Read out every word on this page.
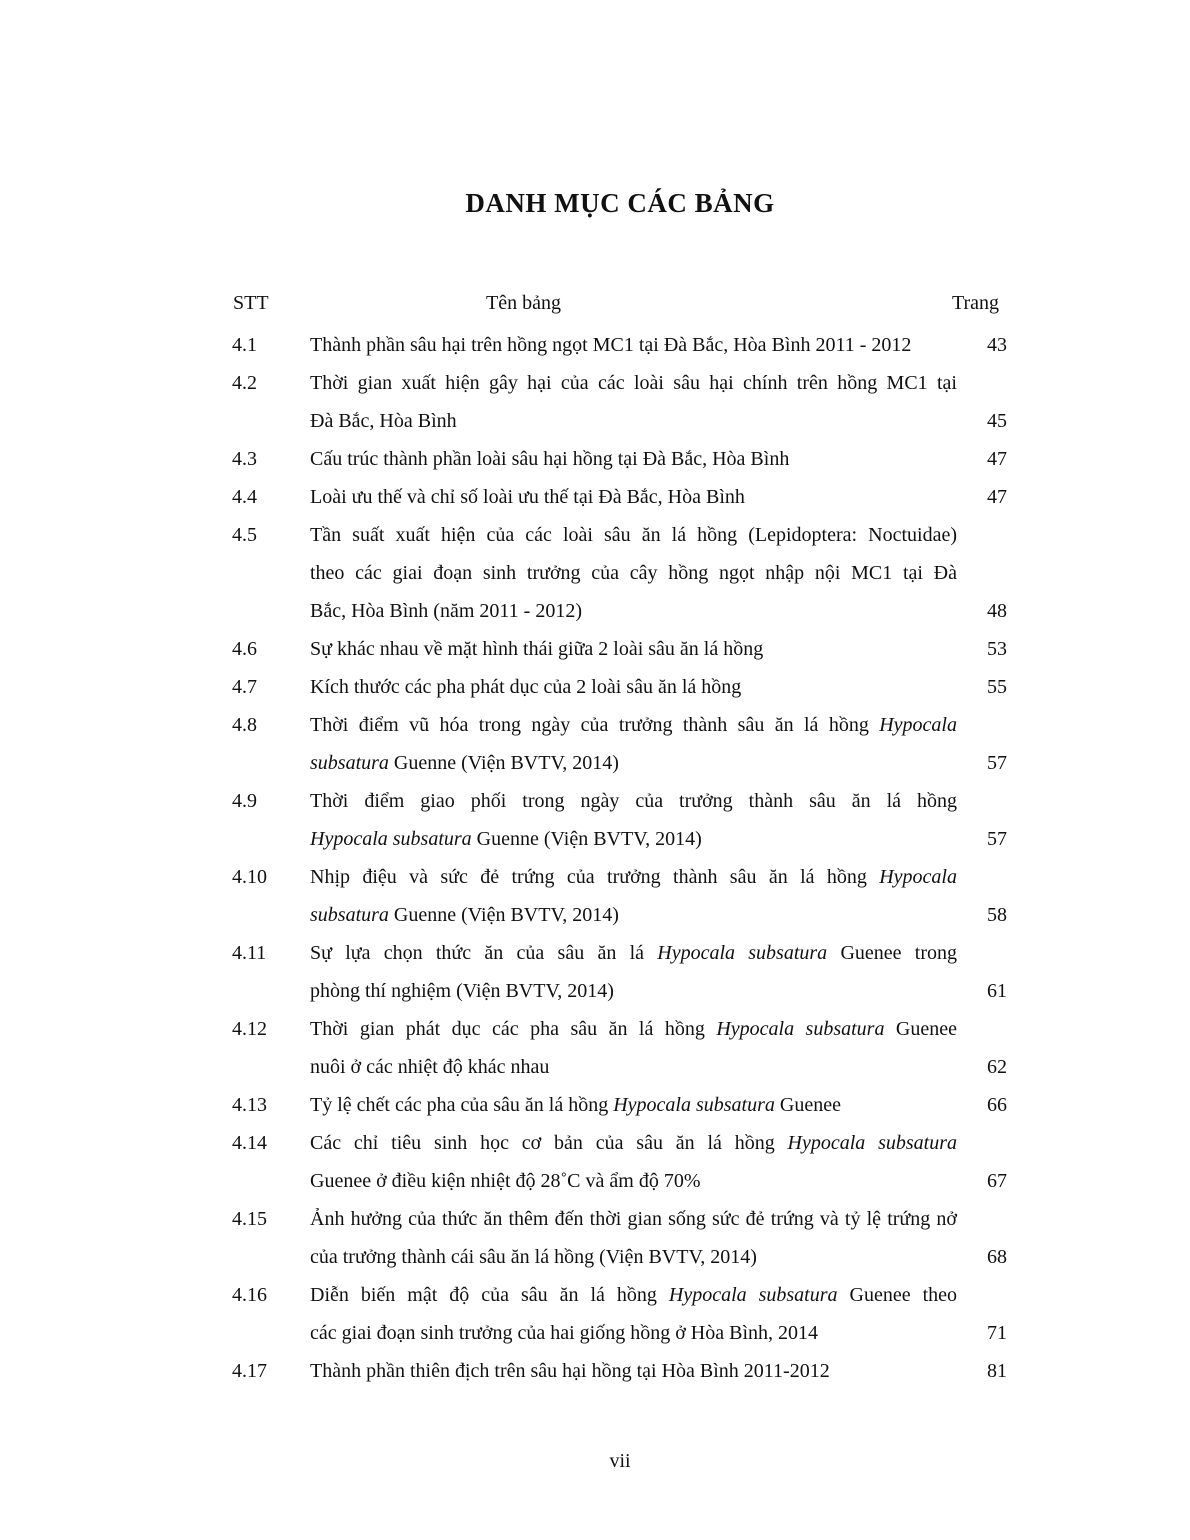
DANH MỤC CÁC BẢNG
STT	Tên bảng	Trang
4.1	Thành phần sâu hại trên hồng ngọt MC1 tại Đà Bắc, Hòa Bình 2011 - 2012	43
4.2	Thời gian xuất hiện gây hại của các loài sâu hại chính trên hồng MC1 tại
Đà Bắc, Hòa Bình	45
4.3	Cấu trúc thành phần loài sâu hại hồng tại Đà Bắc, Hòa Bình	47
4.4	Loài ưu thế và chỉ số loài ưu thế tại Đà Bắc, Hòa Bình	47
4.5	Tần suất xuất hiện của các loài sâu ăn lá hồng (Lepidoptera: Noctuidae)
theo các giai đoạn sinh trưởng của cây hồng ngọt nhập nội MC1 tại Đà
Bắc, Hòa Bình (năm 2011 - 2012)	48
4.6	Sự khác nhau về mặt hình thái giữa 2 loài sâu ăn lá hồng	53
4.7	Kích thước các pha phát dục của 2 loài sâu ăn lá hồng	55
4.8	Thời điểm vũ hóa trong ngày của trưởng thành sâu ăn lá hồng Hypocala
subsatura Guenne (Viện BVTV, 2014)	57
4.9	Thời điểm giao phối trong ngày của trưởng thành sâu ăn lá hồng
Hypocala subsatura Guenne (Viện BVTV, 2014)	57
4.10 Nhịp điệu và sức đẻ trứng của trưởng thành sâu ăn lá hồng Hypocala
subsatura Guenne (Viện BVTV, 2014)	58
4.11 Sự lựa chọn thức ăn của sâu ăn lá Hypocala subsatura Guenee trong
phòng thí nghiệm (Viện BVTV, 2014)	61
4.12 Thời gian phát dục các pha sâu ăn lá hồng Hypocala subsatura Guenee
nuôi ở các nhiệt độ khác nhau	62
4.13 Tỷ lệ chết các pha của sâu ăn lá hồng Hypocala subsatura Guenee	66
4.14 Các chỉ tiêu sinh học cơ bản của sâu ăn lá hồng Hypocala subsatura
Guenee ở điều kiện nhiệt độ 28˚C và ẩm độ 70%	67
4.15 Ảnh hưởng của thức ăn thêm đến thời gian sống sức đẻ trứng và tỷ lệ trứng nở
của trưởng thành cái sâu ăn lá hồng (Viện BVTV, 2014)	68
4.16 Diễn biến mật độ của sâu ăn lá hồng Hypocala subsatura Guenee theo
các giai đoạn sinh trưởng của hai giống hồng ở Hòa Bình, 2014	71
4.17 Thành phần thiên địch trên sâu hại hồng tại Hòa Bình 2011-2012	81
vii
